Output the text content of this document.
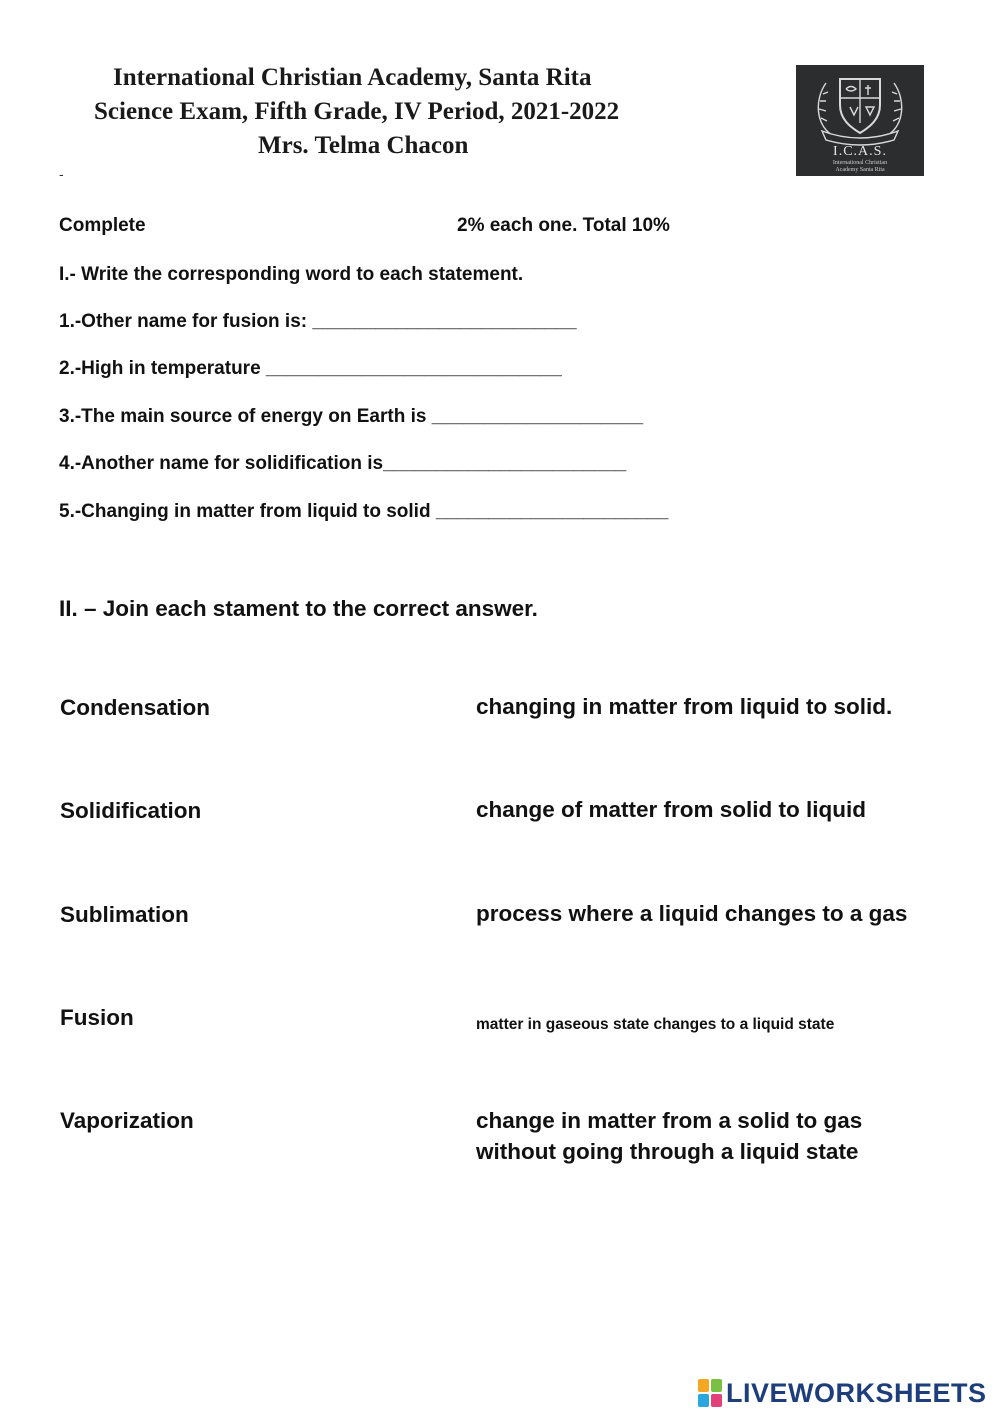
International Christian Academy, Santa Rita
Science Exam, Fifth Grade, IV Period, 2021-2022
Mrs. Telma Chacon
-
I.C.A.S.
International Christian
Academy Santa Rita
Complete	2% each one. Total 10%
I.- Write the corresponding word to each statement.
1.-Other name for fusion is: _________________________
2.-High in temperature ____________________________
3.-The main source of energy on Earth is ____________________
4.-Another name for solidification is_______________________
5.-Changing in matter from liquid to solid ______________________
II. – Join each stament to the correct answer.
Condensation	changing in matter from liquid to solid.
Solidification	change of matter from solid to liquid
Sublimation	process where a liquid changes to a gas
Fusion	matter in gaseous state changes to a liquid state
Vaporization	change in matter from a solid to gas
without going through a liquid state
LIVEWORKSHEETS
